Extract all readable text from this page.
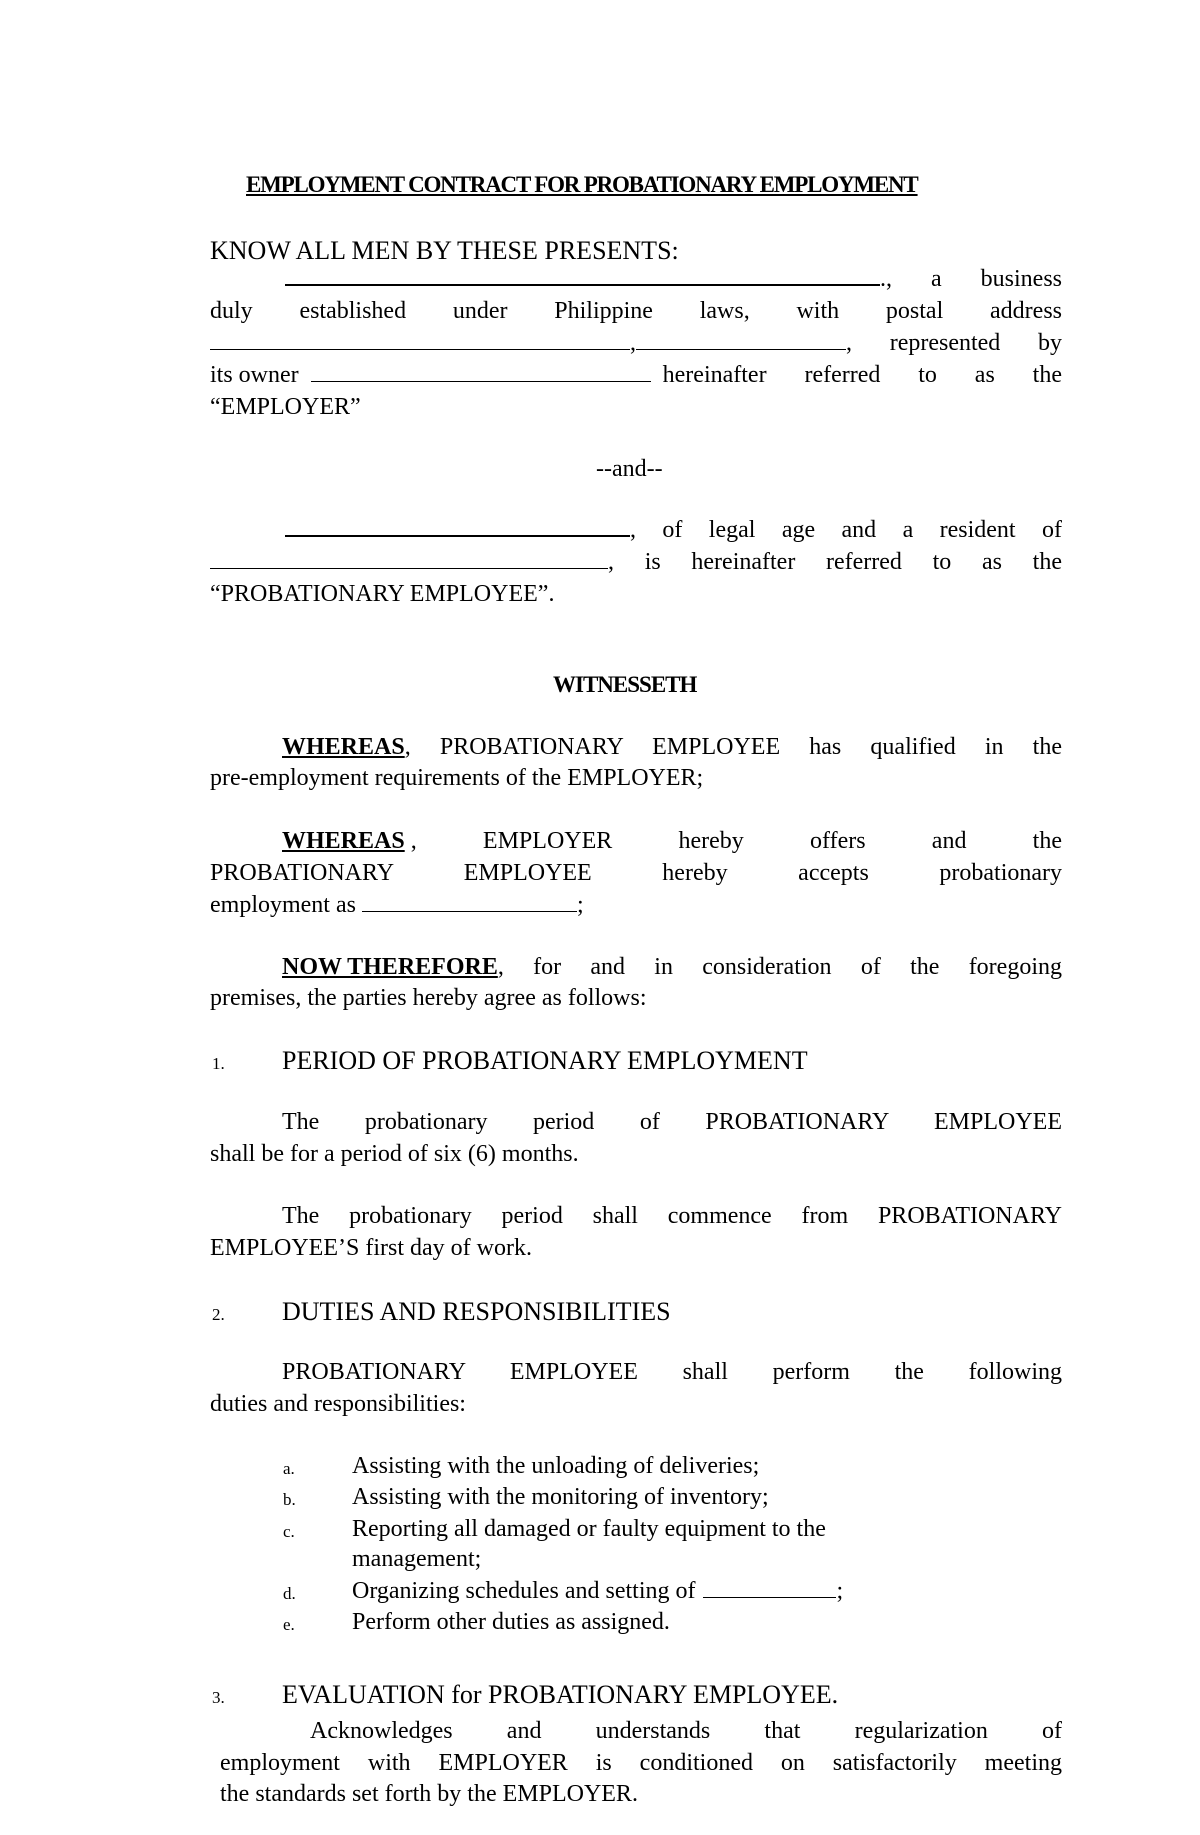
EMPLOYMENT CONTRACT FOR PROBATIONARY EMPLOYMENT
KNOW ALL MEN BY THESE PRESENTS:
., a business
duly established under Philippine laws, with postal address
,	, represented by
its owner	hereinafter referred to as the
“EMPLOYER”
--and--
, of legal age and a resident of
, is hereinafter referred to as the
“PROBATIONARY EMPLOYEE”.
WITNESSETH
WHEREAS , PROBATIONARY EMPLOYEE has qualified in the
pre-employment requirements of the EMPLOYER;
WHEREAS , EMPLOYER hereby offers and the
PROBATIONARY EMPLOYEE hereby accepts probationary
employment as	;
NOW THEREFORE , for and in consideration of the foregoing
premises, the parties hereby agree as follows:
1. PERIOD OF PROBATIONARY EMPLOYMENT
The probationary period of PROBATIONARY EMPLOYEE
shall be for a period of six (6) months.
The probationary period shall commence from PROBATIONARY
EMPLOYEE’S first day of work.
2. DUTIES AND RESPONSIBILITIES
PROBATIONARY EMPLOYEE shall perform the following
duties and responsibilities:
a. Assisting with the unloading of deliveries;
b. Assisting with the monitoring of inventory;
c. Reporting all damaged or faulty equipment to the
management;
d. Organizing schedules and setting of	;
e. Perform other duties as assigned.
3. EVALUATION for PROBATIONARY EMPLOYEE.
Acknowledges and understands that regularization of
employment with EMPLOYER is conditioned on satisfactorily meeting
the standards set forth by the EMPLOYER.
